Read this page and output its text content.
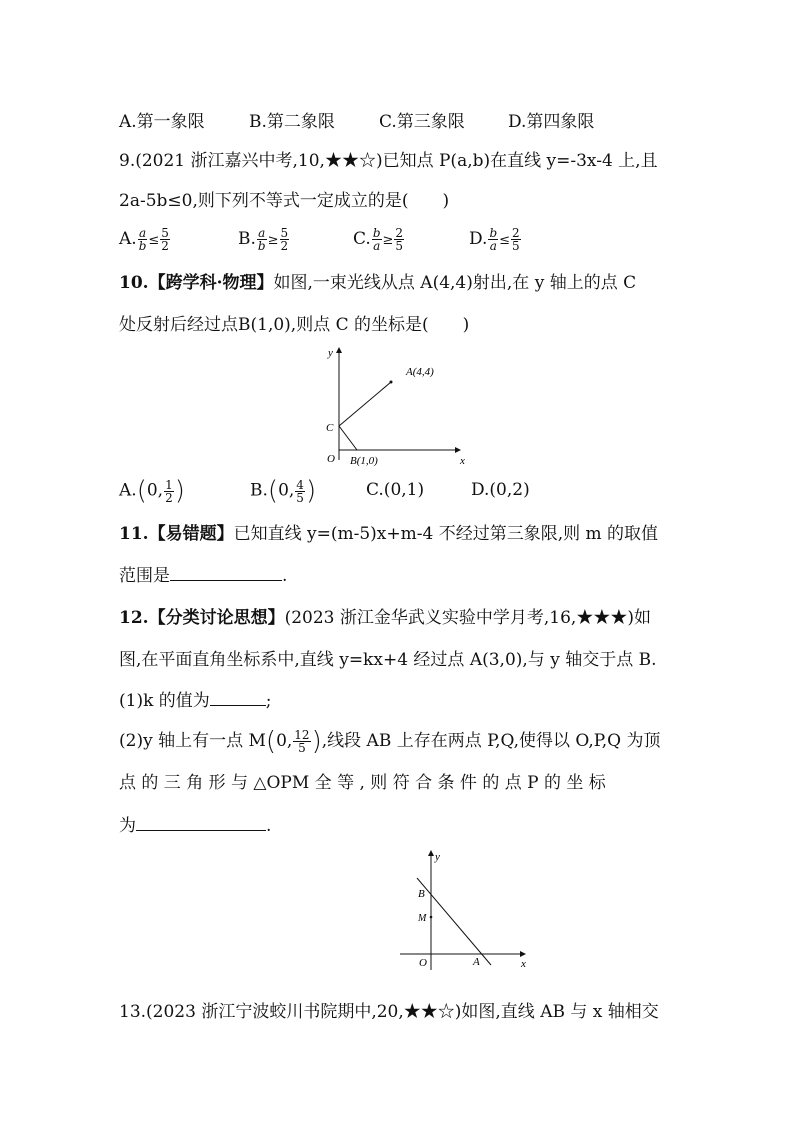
A.第一象限	B.第二象限	C.第三象限	D.第四象限
9.(2021 浙江嘉兴中考,10,★★☆)已知点 P(a,b)在直线 y=-3x-4 上,且
2a-5b≤0,则下列不等式一定成立的是(　　)
A. $\frac{a}{b} \le \frac{5}{2}$	B. $\frac{a}{b} \ge \frac{5}{2}$	C. $\frac{b}{a} \ge \frac{2}{5}$	D. $\frac{b}{a} \le \frac{2}{5}$
10.【跨学科·物理】如图,一束光线从点 A(4,4)射出,在 y 轴上的点 C
处反射后经过点B(1,0),则点 C 的坐标是(　　)
y
x
O
A(4,4)
B(1,0)
C
A.(0, $\frac{1}{2}$ )	B.(0, $\frac{4}{5}$ )	C.(0,1)	D.(0,2)
11.【易错题】已知直线 y=(m-5)x+m-4 不经过第三象限,则 m 的取值
范围是	.
12.【分类讨论思想】(2023 浙江金华武义实验中学月考,16,★★★)如
图,在平面直角坐标系中,直线 y=kx+4 经过点 A(3,0),与 y 轴交于点 B.
(1)k 的值为	;
(2)y 轴上有一点 M(0, $\frac{12}{5}$ ),线段 AB 上存在两点 P,Q,使得以 O,P,Q 为顶
点 的 三 角 形 与 △OPM 全 等 , 则 符 合 条 件 的 点 P 的 坐 标
为	.
y
x
O
B
M
A
13.(2023 浙江宁波蛟川书院期中,20,★★☆)如图,直线 AB 与 x 轴相交
